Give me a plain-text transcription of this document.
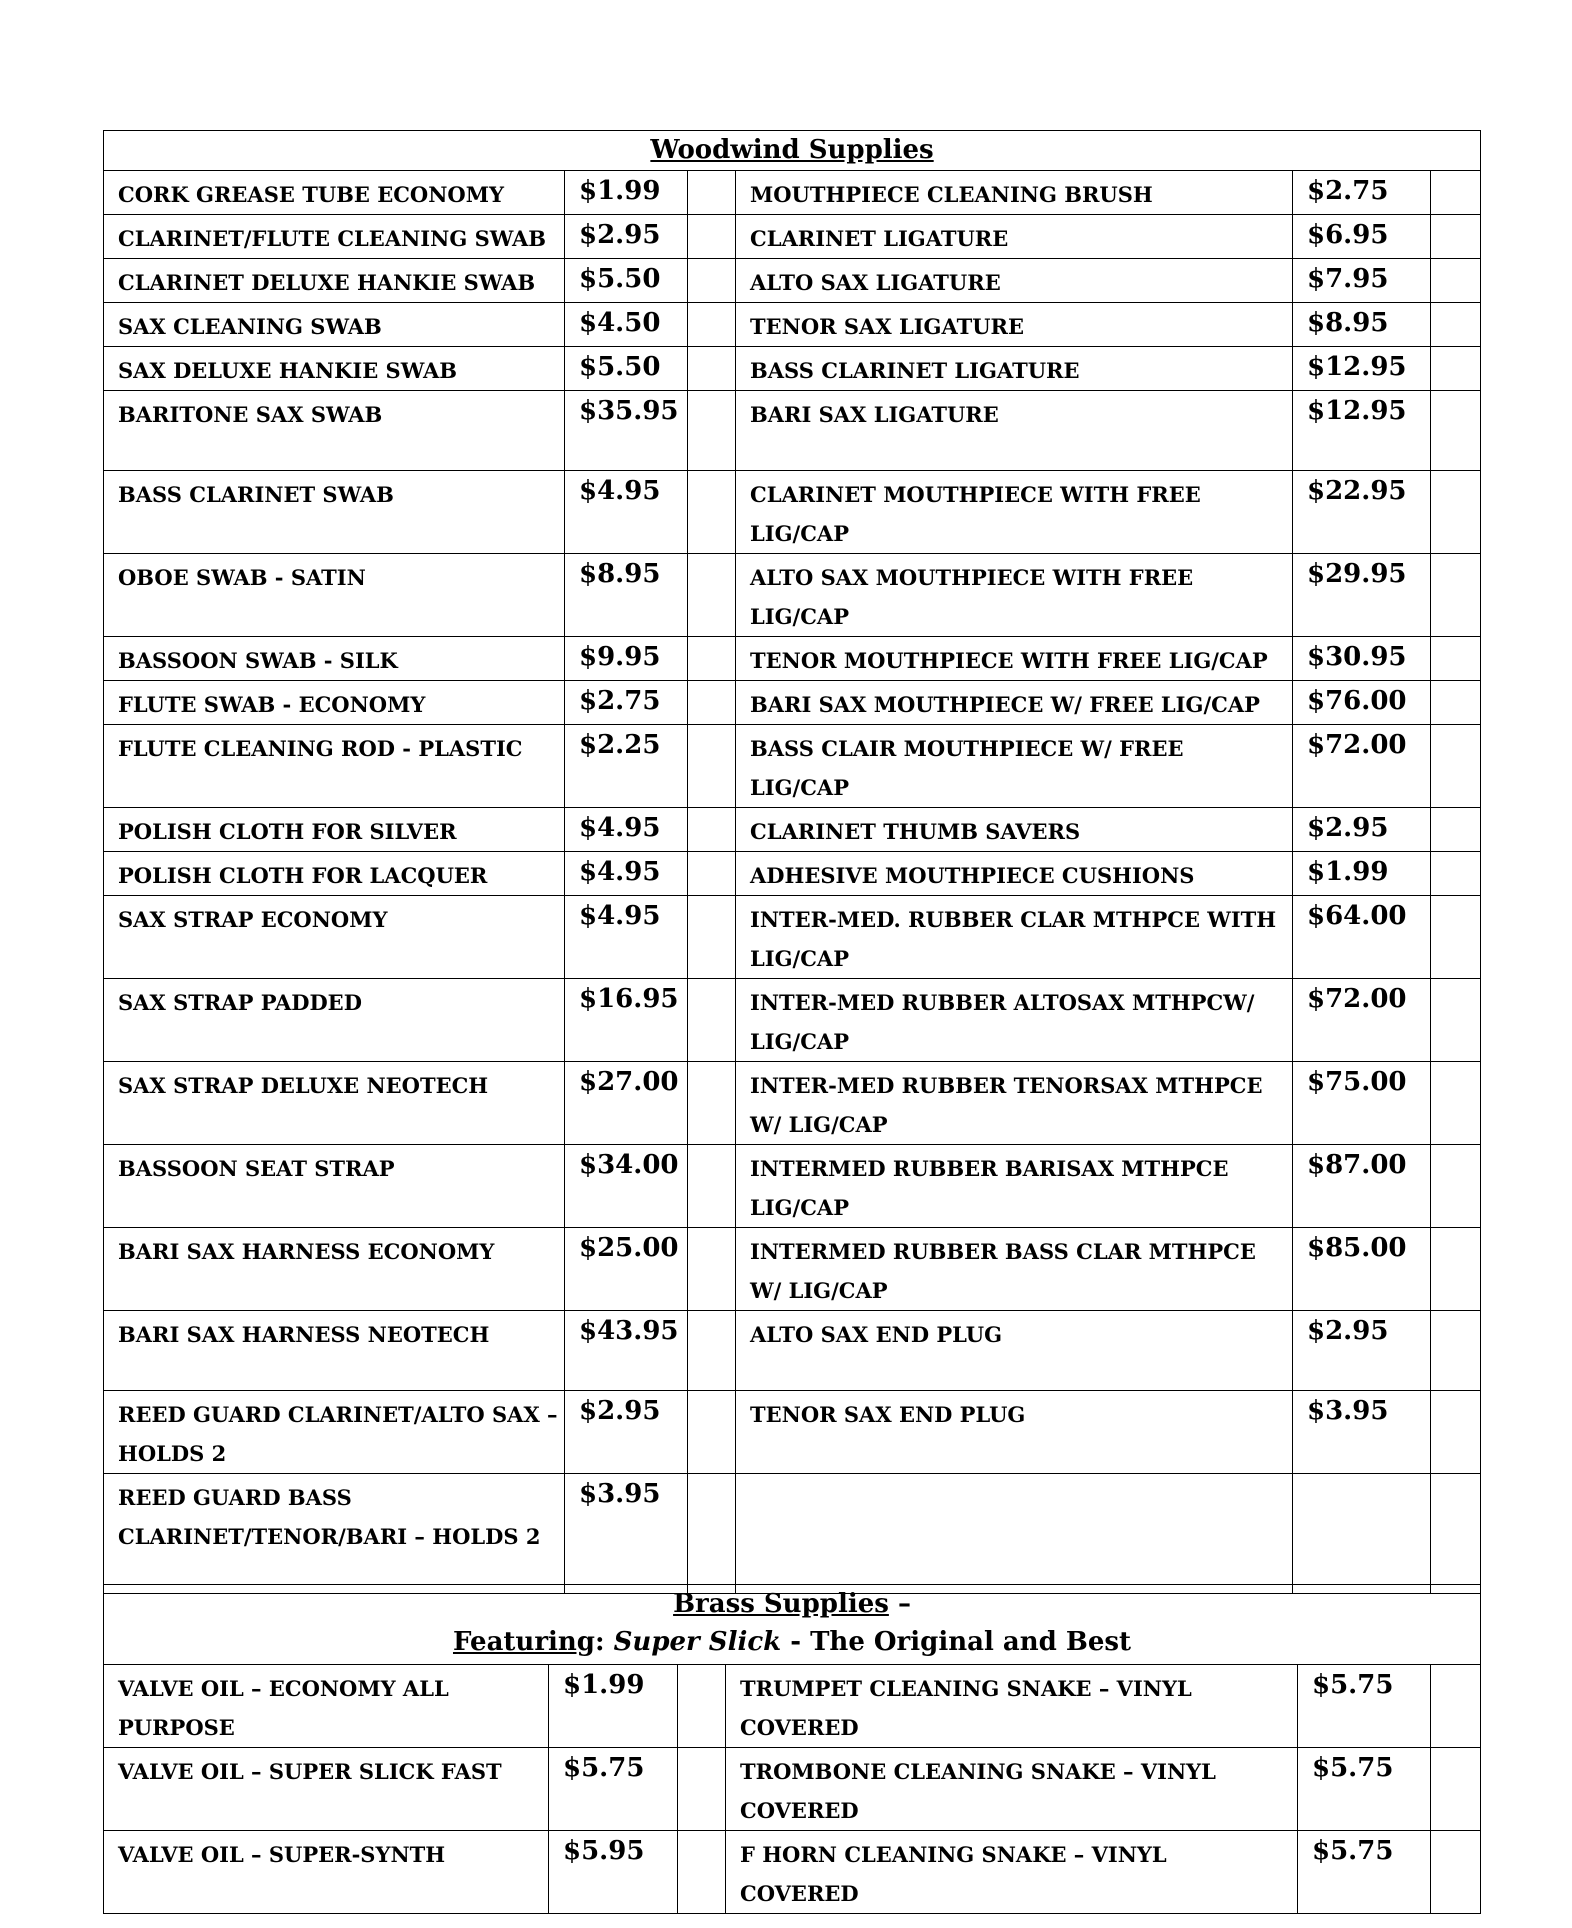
Woodwind Supplies					
CORK GREASE TUBE ECONOMY	$1.99		MOUTHPIECE CLEANING BRUSH	$2.75	
CLARINET/FLUTE CLEANING SWAB	$2.95		CLARINET LIGATURE	$6.95	
CLARINET DELUXE HANKIE SWAB	$5.50		ALTO SAX LIGATURE	$7.95	
SAX CLEANING SWAB	$4.50		TENOR SAX LIGATURE	$8.95	
SAX DELUXE HANKIE SWAB	$5.50		BASS CLARINET LIGATURE	$12.95	
BARITONE SAX SWAB	$35.95		BARI SAX LIGATURE	$12.95	
BASS CLARINET SWAB	$4.95		CLARINET MOUTHPIECE WITH FREE LIG/CAP	$22.95	
OBOE SWAB - SATIN	$8.95		ALTO SAX MOUTHPIECE WITH FREE LIG/CAP	$29.95	
BASSOON SWAB - SILK	$9.95		TENOR MOUTHPIECE WITH FREE LIG/CAP	$30.95	
FLUTE SWAB - ECONOMY	$2.75		BARI SAX MOUTHPIECE W/ FREE LIG/CAP	$76.00	
FLUTE CLEANING ROD - PLASTIC	$2.25		BASS CLAIR MOUTHPIECE W/ FREE LIG/CAP	$72.00	
POLISH CLOTH FOR SILVER	$4.95		CLARINET THUMB SAVERS	$2.95	
POLISH CLOTH FOR LACQUER	$4.95		ADHESIVE MOUTHPIECE CUSHIONS	$1.99	
SAX STRAP ECONOMY	$4.95		INTER-MED. RUBBER CLAR MTHPCE WITH LIG/CAP	$64.00	
SAX STRAP PADDED	$16.95		INTER-MED RUBBER ALTOSAX MTHPCW/ LIG/CAP	$72.00	
SAX STRAP DELUXE NEOTECH	$27.00		INTER-MED RUBBER TENORSAX MTHPCE W/ LIG/CAP	$75.00	
BASSOON SEAT STRAP	$34.00		INTERMED RUBBER BARISAX MTHPCE LIG/CAP	$87.00	
BARI SAX HARNESS ECONOMY	$25.00		INTERMED RUBBER BASS CLAR MTHPCE W/ LIG/CAP	$85.00	
BARI SAX HARNESS NEOTECH	$43.95		ALTO SAX END PLUG	$2.95	
REED GUARD CLARINET/ALTO SAX – HOLDS 2	$2.95		TENOR SAX END PLUG	$3.95	
REED GUARD BASS CLARINET/TENOR/BARI – HOLDS 2	$3.95				
Brass Supplies –
Featuring: Super Slick - The Original and Best					

VALVE OIL – ECONOMY ALL PURPOSE	$1.99		TRUMPET CLEANING SNAKE – VINYL COVERED	$5.75	
VALVE OIL – SUPER SLICK FAST	$5.75		TROMBONE CLEANING SNAKE – VINYL COVERED	$5.75	
VALVE OIL – SUPER-SYNTH	$5.95		F HORN CLEANING SNAKE – VINYL COVERED	$5.75	
